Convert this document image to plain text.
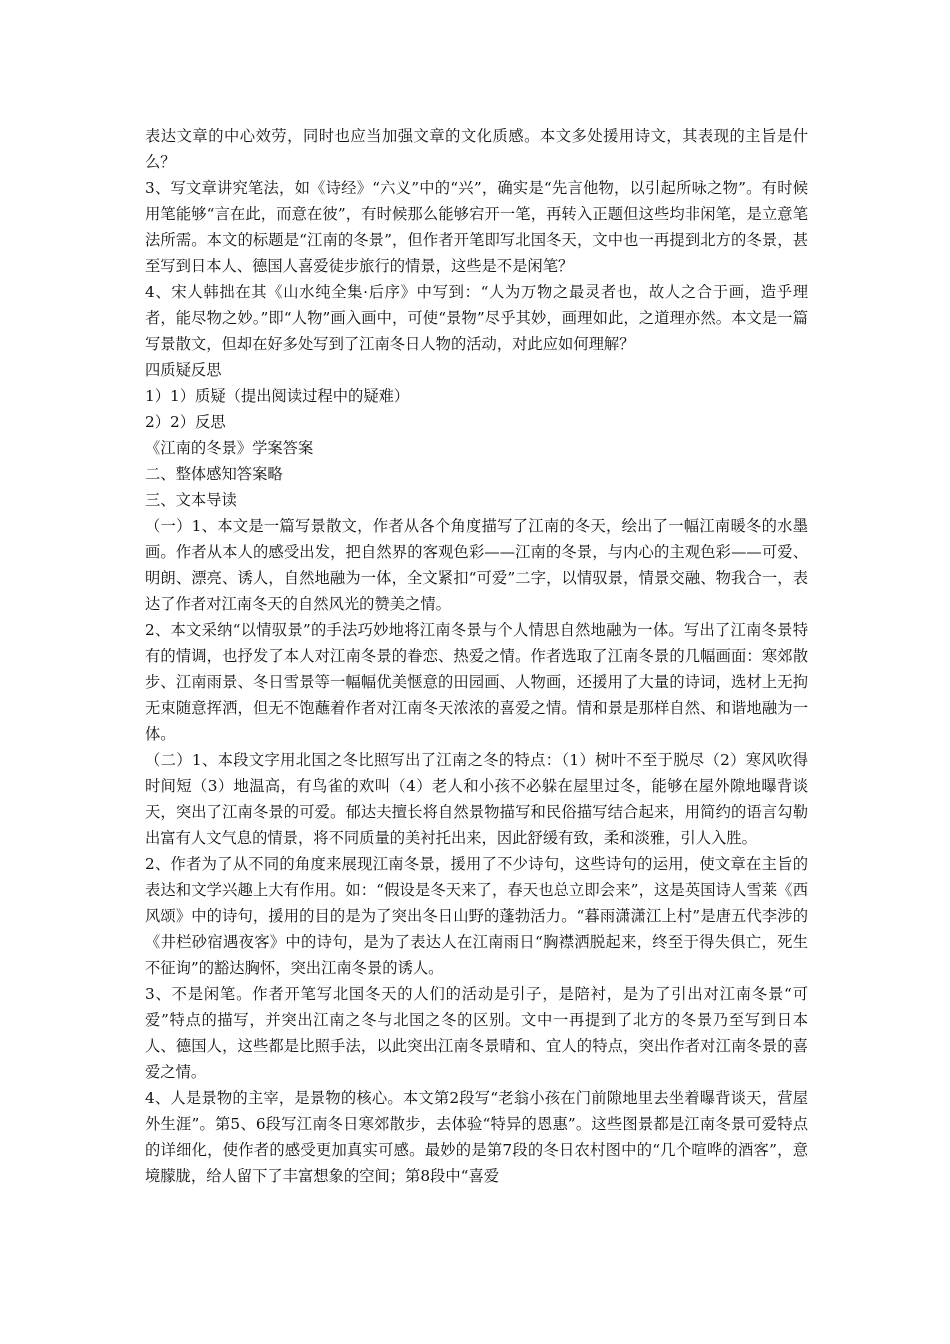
表达文章的中心效劳，同时也应当加强文章的文化质感。本文多处援用诗文，其表现的主旨是什么？

3、写文章讲究笔法，如《诗经》“六义”中的“兴”，确实是“先言他物，以引起所咏之物”。有时候用笔能够“言在此，而意在彼”，有时候那么能够宕开一笔，再转入正题但这些均非闲笔，是立意笔法所需。本文的标题是“江南的冬景”，但作者开笔即写北国冬天，文中也一再提到北方的冬景，甚至写到日本人、德国人喜爱徒步旅行的情景，这些是不是闲笔？

4、宋人韩拙在其《山水纯全集·后序》中写到：“人为万物之最灵者也，故人之合于画，造乎理者，能尽物之妙。”即“人物”画入画中，可使“景物”尽乎其妙，画理如此，之道理亦然。本文是一篇写景散文，但却在好多处写到了江南冬日人物的活动，对此应如何理解？

四质疑反思

1）1）质疑（提出阅读过程中的疑难）

2）2）反思

《江南的冬景》学案答案

二、整体感知答案略

三、文本导读

（一）1、本文是一篇写景散文，作者从各个角度描写了江南的冬天，绘出了一幅江南暖冬的水墨画。作者从本人的感受出发，把自然界的客观色彩——江南的冬景，与内心的主观色彩——可爱、明朗、漂亮、诱人，自然地融为一体，全文紧扣“可爱”二字，以情驭景，情景交融、物我合一，表达了作者对江南冬天的自然风光的赞美之情。

2、本文采纳“以情驭景”的手法巧妙地将江南冬景与个人情思自然地融为一体。写出了江南冬景特有的情调，也抒发了本人对江南冬景的眷恋、热爱之情。作者选取了江南冬景的几幅画面：寒郊散步、江南雨景、冬日雪景等一幅幅优美惬意的田园画、人物画，还援用了大量的诗词，选材上无拘无束随意挥洒，但无不饱蘸着作者对江南冬天浓浓的喜爱之情。情和景是那样自然、和谐地融为一体。

（二）1、本段文字用北国之冬比照写出了江南之冬的特点：（1）树叶不至于脱尽（2）寒风吹得时间短（3）地温高，有鸟雀的欢叫（4）老人和小孩不必躲在屋里过冬，能够在屋外隙地曝背谈天，突出了江南冬景的可爱。郁达夫擅长将自然景物描写和民俗描写结合起来，用简约的语言勾勒出富有人文气息的情景，将不同质量的美衬托出来，因此舒缓有致，柔和淡雅，引人入胜。

2、作者为了从不同的角度来展现江南冬景，援用了不少诗句，这些诗句的运用，使文章在主旨的表达和文学兴趣上大有作用。如：“假设是冬天来了，春天也总立即会来”，这是英国诗人雪莱《西风颂》中的诗句，援用的目的是为了突出冬日山野的蓬勃活力。“暮雨潇潇江上村”是唐五代李涉的《井栏砂宿遇夜客》中的诗句，是为了表达人在江南雨日“胸襟洒脱起来，终至于得失俱亡，死生不征询”的豁达胸怀，突出江南冬景的诱人。

3、不是闲笔。作者开笔写北国冬天的人们的活动是引子，是陪衬，是为了引出对江南冬景“可爱”特点的描写，并突出江南之冬与北国之冬的区别。文中一再提到了北方的冬景乃至写到日本人、德国人，这些都是比照手法，以此突出江南冬景晴和、宜人的特点，突出作者对江南冬景的喜爱之情。

4、人是景物的主宰，是景物的核心。本文第2段写“老翁小孩在门前隙地里去坐着曝背谈天，营屋外生涯”。第5、6段写江南冬日寒郊散步，去体验“特异的恩惠”。这些图景都是江南冬景可爱特点的详细化，使作者的感受更加真实可感。最妙的是第7段的冬日农村图中的“几个喧哗的酒客”，意境朦胧，给人留下了丰富想象的空间；第8段中“喜爱
